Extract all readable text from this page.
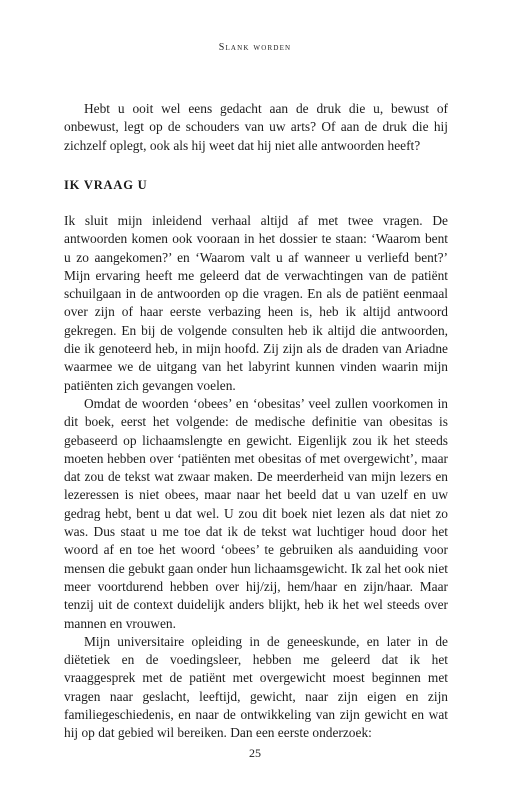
Slank worden

Hebt u ooit wel eens gedacht aan de druk die u, bewust of onbewust, legt op de schouders van uw arts? Of aan de druk die hij zichzelf oplegt, ook als hij weet dat hij niet alle antwoorden heeft?

IK VRAAG U

Ik sluit mijn inleidend verhaal altijd af met twee vragen. De antwoorden komen ook vooraan in het dossier te staan: ‘Waarom bent u zo aangekomen?’ en ‘Waarom valt u af wanneer u verliefd bent?’ Mijn ervaring heeft me geleerd dat de verwachtingen van de patiënt schuilgaan in de antwoorden op die vragen. En als de patiënt eenmaal over zijn of haar eerste verbazing heen is, heb ik altijd antwoord gekregen. En bij de volgende consulten heb ik altijd die antwoorden, die ik genoteerd heb, in mijn hoofd. Zij zijn als de draden van Ariadne waarmee we de uitgang van het labyrint kunnen vinden waarin mijn patiënten zich gevangen voelen.

Omdat de woorden ‘obees’ en ‘obesitas’ veel zullen voorkomen in dit boek, eerst het volgende: de medische definitie van obesitas is gebaseerd op lichaamslengte en gewicht. Eigenlijk zou ik het steeds moeten hebben over ‘patiënten met obesitas of met overgewicht’, maar dat zou de tekst wat zwaar maken. De meerderheid van mijn lezers en lezeressen is niet obees, maar naar het beeld dat u van uzelf en uw gedrag hebt, bent u dat wel. U zou dit boek niet lezen als dat niet zo was. Dus staat u me toe dat ik de tekst wat luchtiger houd door het woord af en toe het woord ‘obees’ te gebruiken als aanduiding voor mensen die gebukt gaan onder hun lichaamsgewicht. Ik zal het ook niet meer voortdurend hebben over hij/zij, hem/haar en zijn/haar. Maar tenzij uit de context duidelijk anders blijkt, heb ik het wel steeds over mannen en vrouwen.

Mijn universitaire opleiding in de geneeskunde, en later in de diëtetiek en de voedingsleer, hebben me geleerd dat ik het vraaggesprek met de patiënt met overgewicht moest beginnen met vragen naar geslacht, leeftijd, gewicht, naar zijn eigen en zijn familiegeschiedenis, en naar de ontwikkeling van zijn gewicht en wat hij op dat gebied wil bereiken. Dan een eerste onderzoek:

25
